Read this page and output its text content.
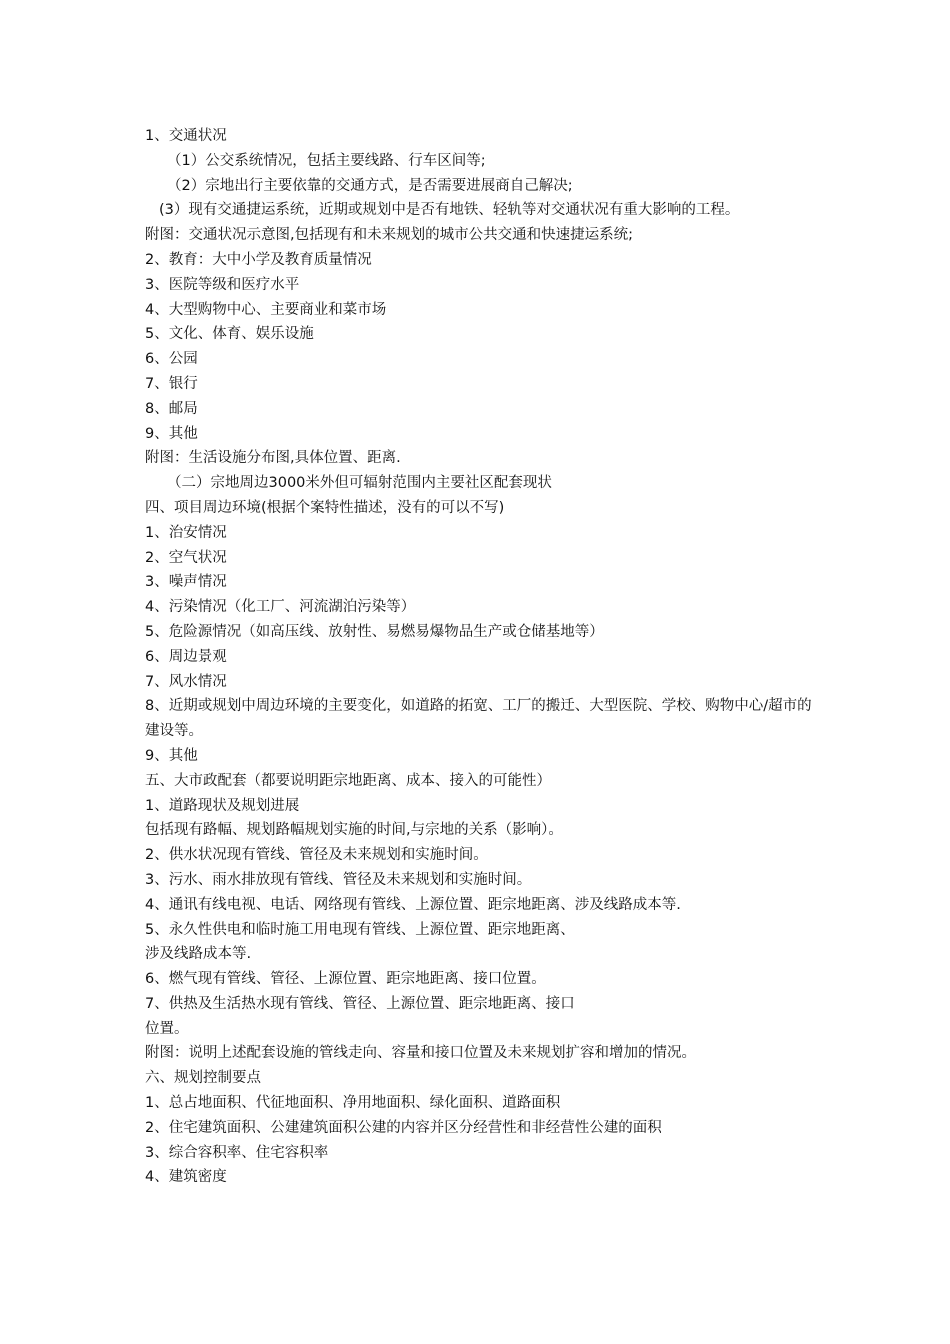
1、交通状况
（1）公交系统情况，包括主要线路、行车区间等;
（2）宗地出行主要依靠的交通方式，是否需要进展商自己解决;
(3）现有交通捷运系统，近期或规划中是否有地铁、轻轨等对交通状况有重大影响的工程。
附图：交通状况示意图,包括现有和未来规划的城市公共交通和快速捷运系统;
2、教育：大中小学及教育质量情况
3、医院等级和医疗水平
4、大型购物中心、主要商业和菜市场
5、文化、体育、娱乐设施
6、公园
7、银行
8、邮局
9、其他
附图：生活设施分布图,具体位置、距离.
（二）宗地周边3000米外但可辐射范围内主要社区配套现状
四、项目周边环境(根据个案特性描述，没有的可以不写)
1、治安情况
2、空气状况
3、噪声情况
4、污染情况（化工厂、河流湖泊污染等）
5、危险源情况（如高压线、放射性、易燃易爆物品生产或仓储基地等）
6、周边景观
7、风水情况
8、近期或规划中周边环境的主要变化，如道路的拓宽、工厂的搬迁、大型医院、学校、购物中心/超市的建设等。
9、其他
五、大市政配套（都要说明距宗地距离、成本、接入的可能性）
1、道路现状及规划进展
包括现有路幅、规划路幅规划实施的时间,与宗地的关系（影响）。
2、供水状况现有管线、管径及未来规划和实施时间。
3、污水、雨水排放现有管线、管径及未来规划和实施时间。
4、通讯有线电视、电话、网络现有管线、上源位置、距宗地距离、涉及线路成本等.
5、永久性供电和临时施工用电现有管线、上源位置、距宗地距离、
涉及线路成本等.
6、燃气现有管线、管径、上源位置、距宗地距离、接口位置。
7、供热及生活热水现有管线、管径、上源位置、距宗地距离、接口
位置。
附图：说明上述配套设施的管线走向、容量和接口位置及未来规划扩容和增加的情况。
六、规划控制要点
1、总占地面积、代征地面积、净用地面积、绿化面积、道路面积
2、住宅建筑面积、公建建筑面积公建的内容并区分经营性和非经营性公建的面积
3、综合容积率、住宅容积率
4、建筑密度
